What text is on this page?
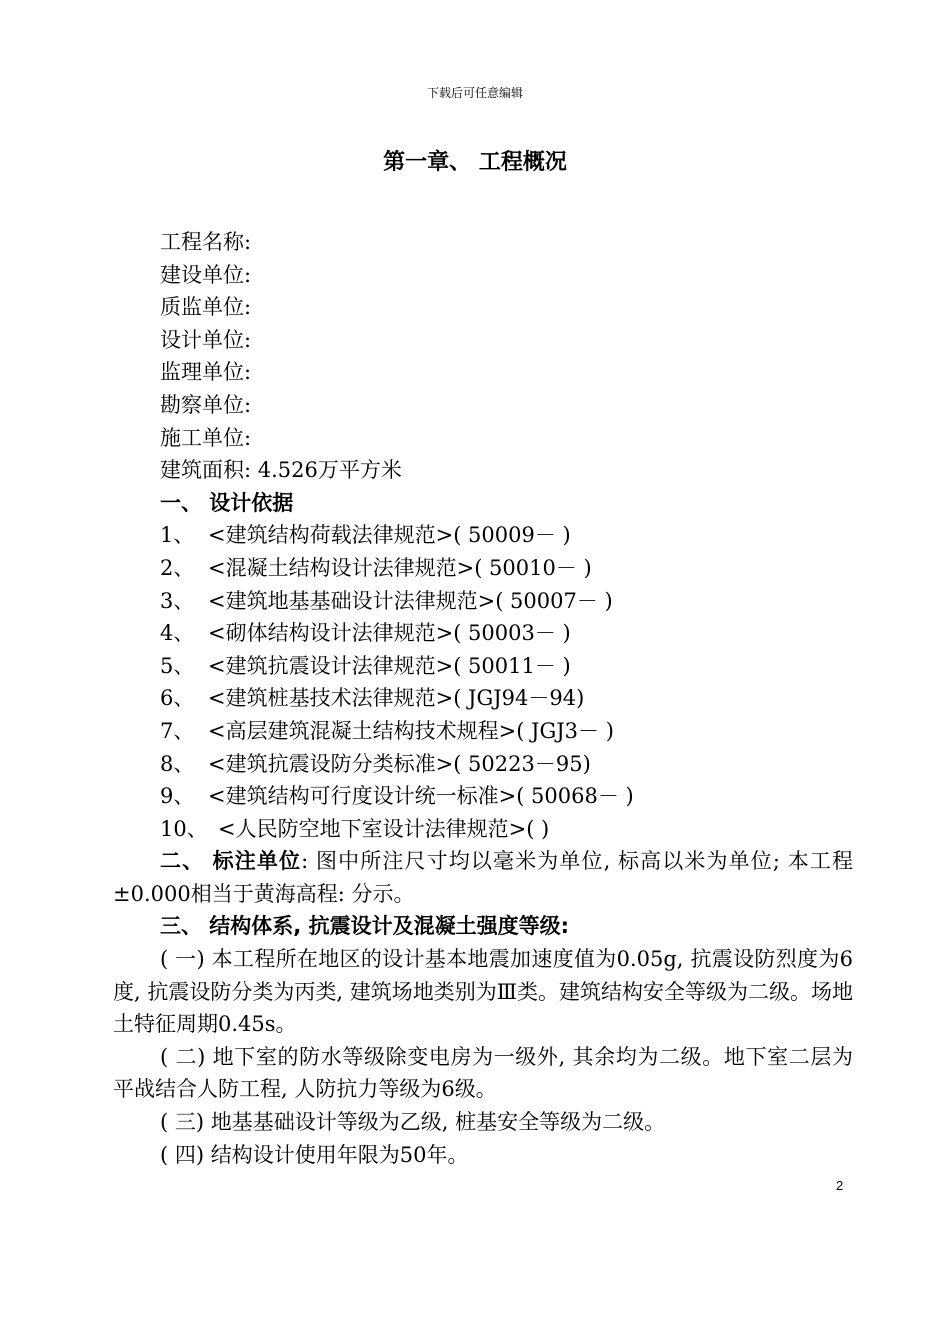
下载后可任意编辑
第一章、 工程概况
工程名称:
建设单位:
质监单位:
设计单位:
监理单位:
勘察单位:
施工单位:
建筑面积: 4.526万平方米
一、 设计依据
1、 <建筑结构荷载法律规范>( 50009－ )
2、 <混凝土结构设计法律规范>( 50010－ )
3、 <建筑地基基础设计法律规范>( 50007－ )
4、 <砌体结构设计法律规范>( 50003－ )
5、 <建筑抗震设计法律规范>( 50011－ )
6、 <建筑桩基技术法律规范>( JGJ94－94)
7、 <高层建筑混凝土结构技术规程>( JGJ3－ )
8、 <建筑抗震设防分类标准>( 50223－95)
9、 <建筑结构可行度设计统一标准>( 50068－ )
10、 <人民防空地下室设计法律规范>( )
二、 标注单位: 图中所注尺寸均以毫米为单位, 标高以米为单位; 本工程±0.000相当于黄海高程: 分示。
三、 结构体系, 抗震设计及混凝土强度等级:
( 一) 本工程所在地区的设计基本地震加速度值为0.05g, 抗震设防烈度为6度, 抗震设防分类为丙类, 建筑场地类别为Ⅲ类。建筑结构安全等级为二级。场地土特征周期0.45s。
( 二) 地下室的防水等级除变电房为一级外, 其余均为二级。地下室二层为平战结合人防工程, 人防抗力等级为6级。
( 三) 地基基础设计等级为乙级, 桩基安全等级为二级。
( 四) 结构设计使用年限为50年。
2
